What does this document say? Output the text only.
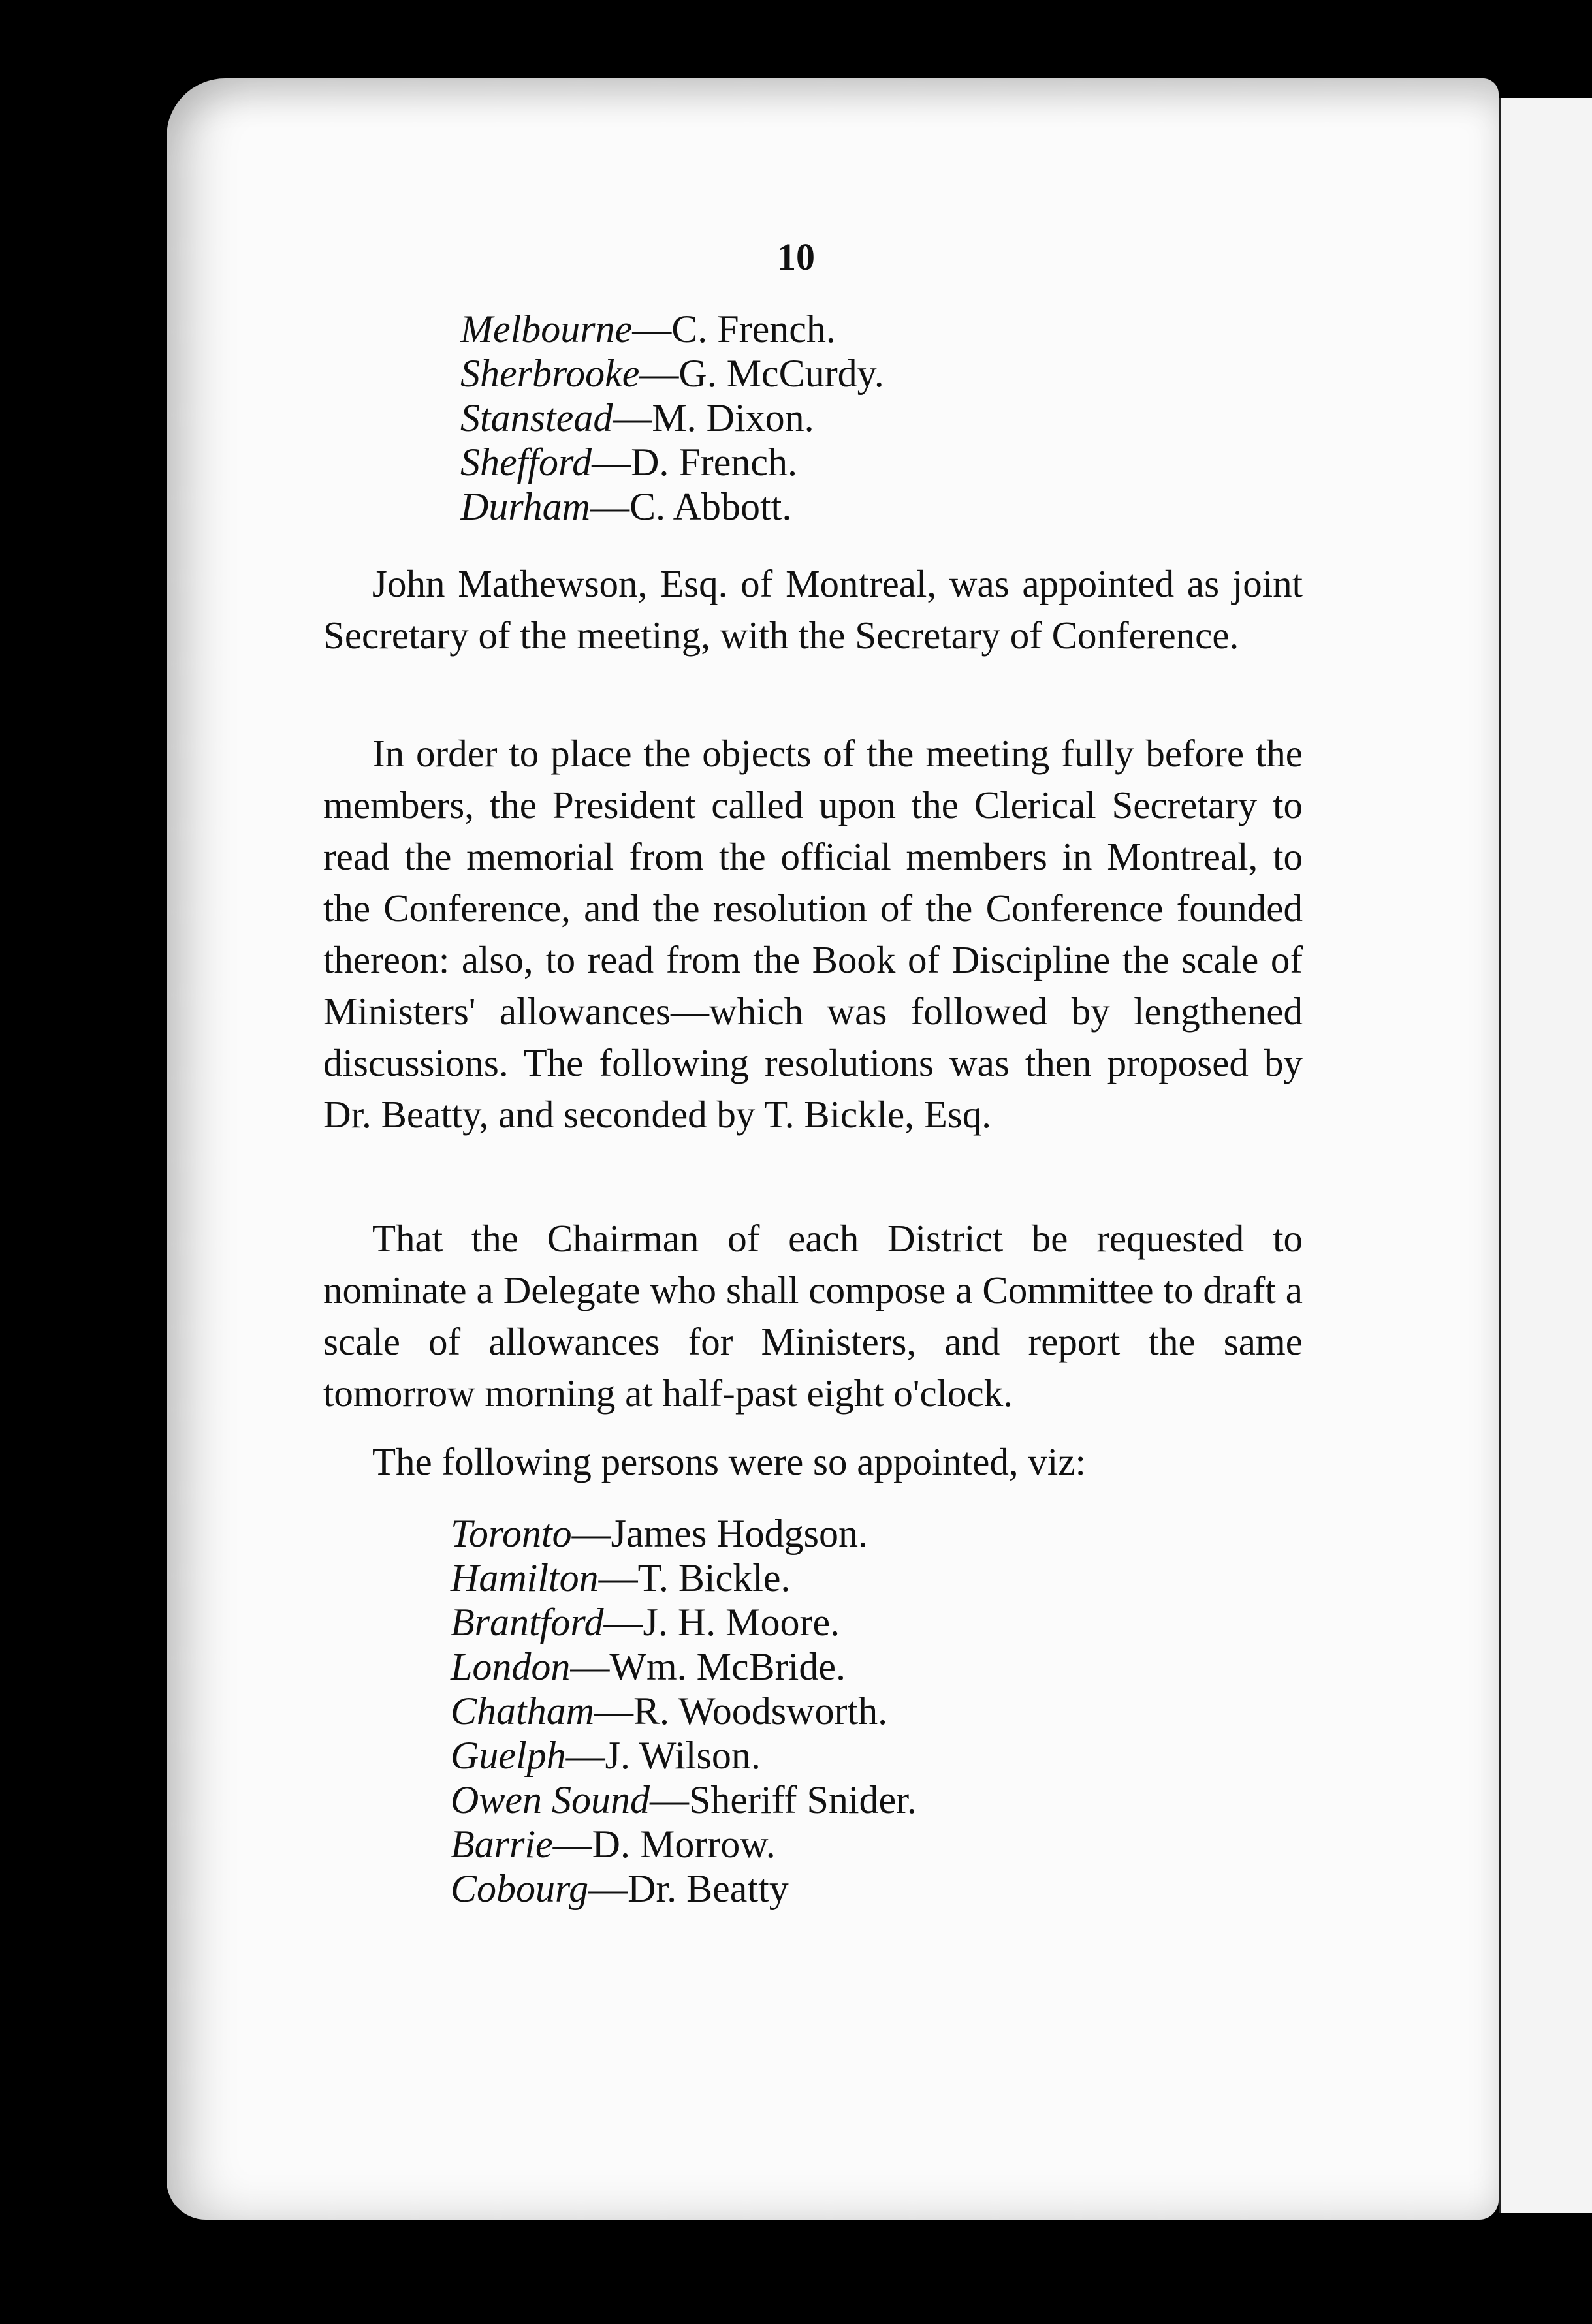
10
Melbourne—C. French.
Sherbrooke—G. McCurdy.
Stanstead—M. Dixon.
Shefford—D. French.
Durham—C. Abbott.

John Mathewson, Esq. of Montreal, was appointed as joint Secretary of the meeting, with the Secretary of Conference.

In order to place the objects of the meeting fully before the members, the President called upon the Clerical Secretary to read the memorial from the official members in Montreal, to the Conference, and the resolution of the Conference founded thereon: also, to read from the Book of Discipline the scale of Ministers' allowances—which was followed by lengthened discussions. The following resolutions was then proposed by Dr. Beatty, and seconded by T. Bickle, Esq.

That the Chairman of each District be requested to nominate a Delegate who shall compose a Committee to draft a scale of allowances for Ministers, and report the same tomorrow morning at half-past eight o'clock.

The following persons were so appointed, viz:

Toronto—James Hodgson.
Hamilton—T. Bickle.
Brantford—J. H. Moore.
London—Wm. McBride.
Chatham—R. Woodsworth.
Guelph—J. Wilson.
Owen Sound—Sheriff Snider.
Barrie—D. Morrow.
Cobourg—Dr. Beatty
